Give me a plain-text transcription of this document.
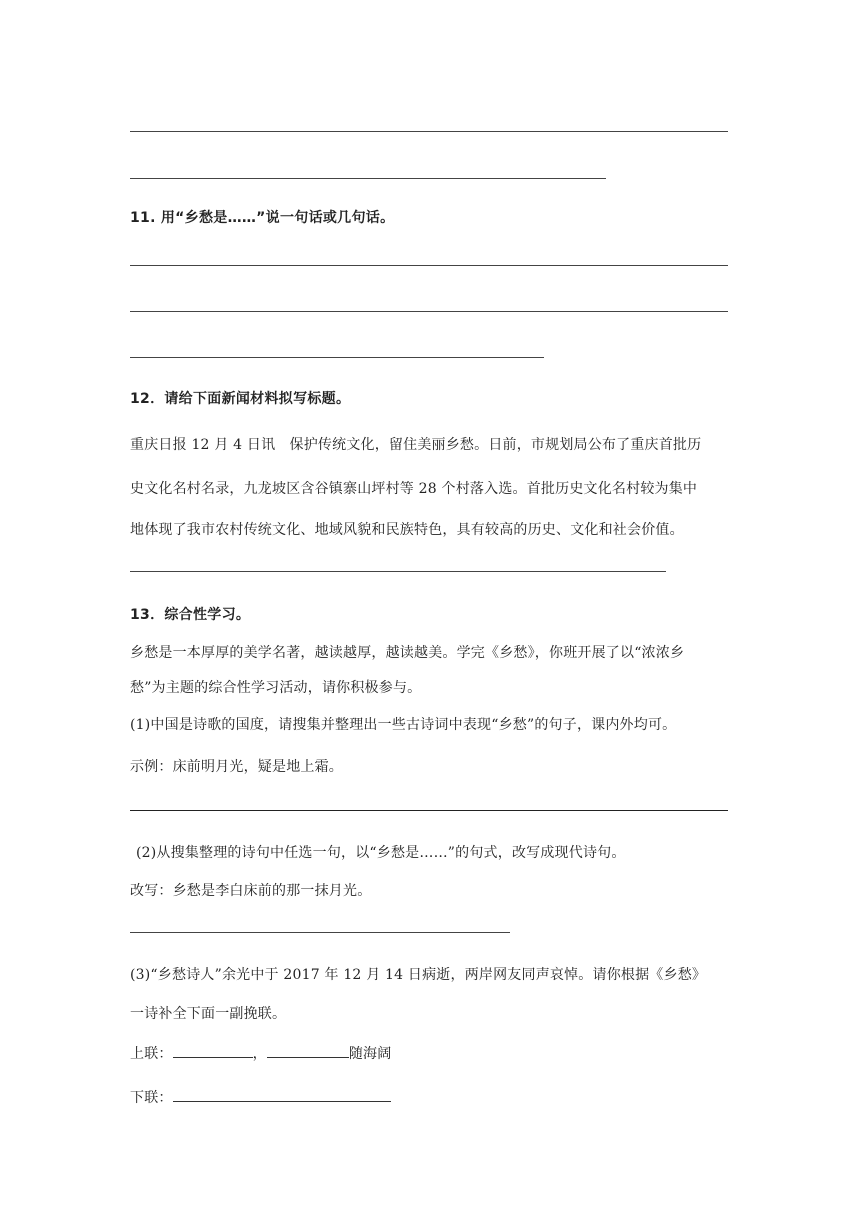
11. 用“乡愁是……”说一句话或几句话。
12．请给下面新闻材料拟写标题。
重庆日报 12 月 4 日讯　保护传统文化，留住美丽乡愁。日前，市规划局公布了重庆首批历
史文化名村名录，九龙坡区含谷镇寨山坪村等 28 个村落入选。首批历史文化名村较为集中
地体现了我市农村传统文化、地域风貌和民族特色，具有较高的历史、文化和社会价值。
13．综合性学习。
乡愁是一本厚厚的美学名著，越读越厚，越读越美。学完《乡愁》，你班开展了以“浓浓乡
愁”为主题的综合性学习活动，请你积极参与。
(1)中国是诗歌的国度，请搜集并整理出一些古诗词中表现“乡愁”的句子，课内外均可。
示例：床前明月光，疑是地上霜。
(2)从搜集整理的诗句中任选一句，以“乡愁是……”的句式，改写成现代诗句。
改写：乡愁是李白床前的那一抹月光。
(3)“乡愁诗人”余光中于 2017 年 12 月 14 日病逝，两岸网友同声哀悼。请你根据《乡愁》
一诗补全下面一副挽联。
上联：	，	随海阔
下联：
